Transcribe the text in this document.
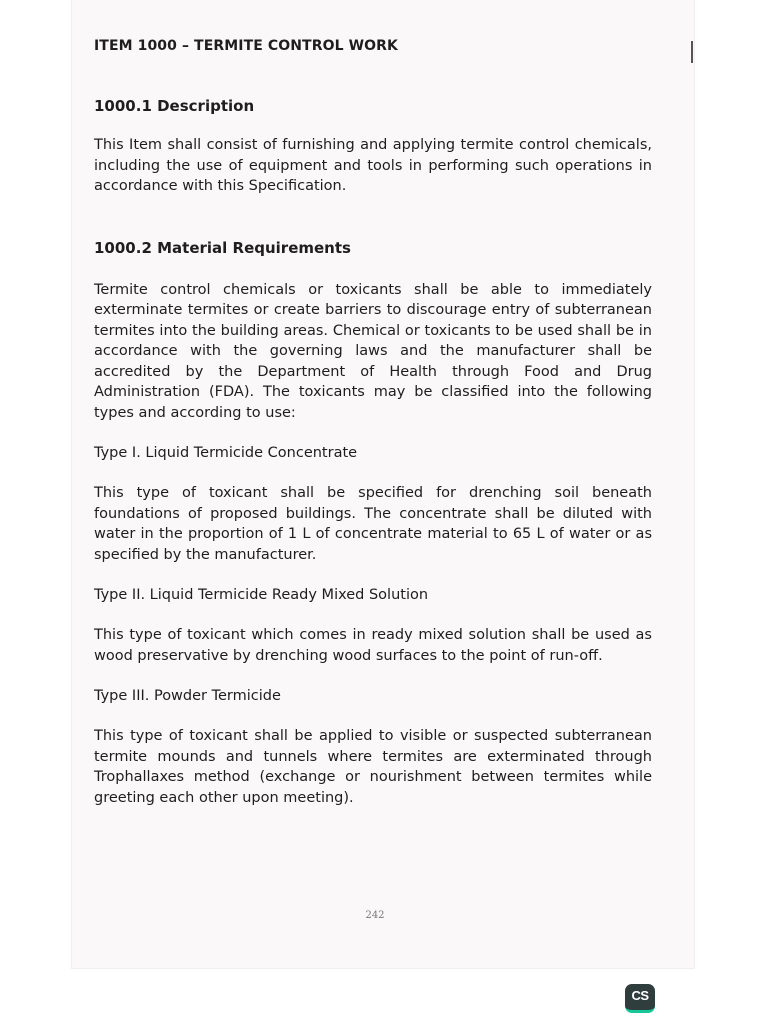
ITEM 1000 – TERMITE CONTROL WORK
1000.1 Description

This Item shall consist of furnishing and applying termite control chemicals, including the use of equipment and tools in performing such operations in accordance with this Specification.

1000.2 Material Requirements

Termite control chemicals or toxicants shall be able to immediately exterminate termites or create barriers to discourage entry of subterranean termites into the building areas. Chemical or toxicants to be used shall be in accordance with the governing laws and the manufacturer shall be accredited by the Department of Health through Food and Drug Administration (FDA). The toxicants may be classified into the following types and according to use:

Type I. Liquid Termicide Concentrate

This type of toxicant shall be specified for drenching soil beneath foundations of proposed buildings. The concentrate shall be diluted with water in the proportion of 1 L of concentrate material to 65 L of water or as specified by the manufacturer.

Type II. Liquid Termicide Ready Mixed Solution

This type of toxicant which comes in ready mixed solution shall be used as wood preservative by drenching wood surfaces to the point of run-off.

Type III. Powder Termicide

This type of toxicant shall be applied to visible or suspected subterranean termite mounds and tunnels where termites are exterminated through Trophallaxes method (exchange or nourishment between termites while greeting each other upon meeting).

242
CS
